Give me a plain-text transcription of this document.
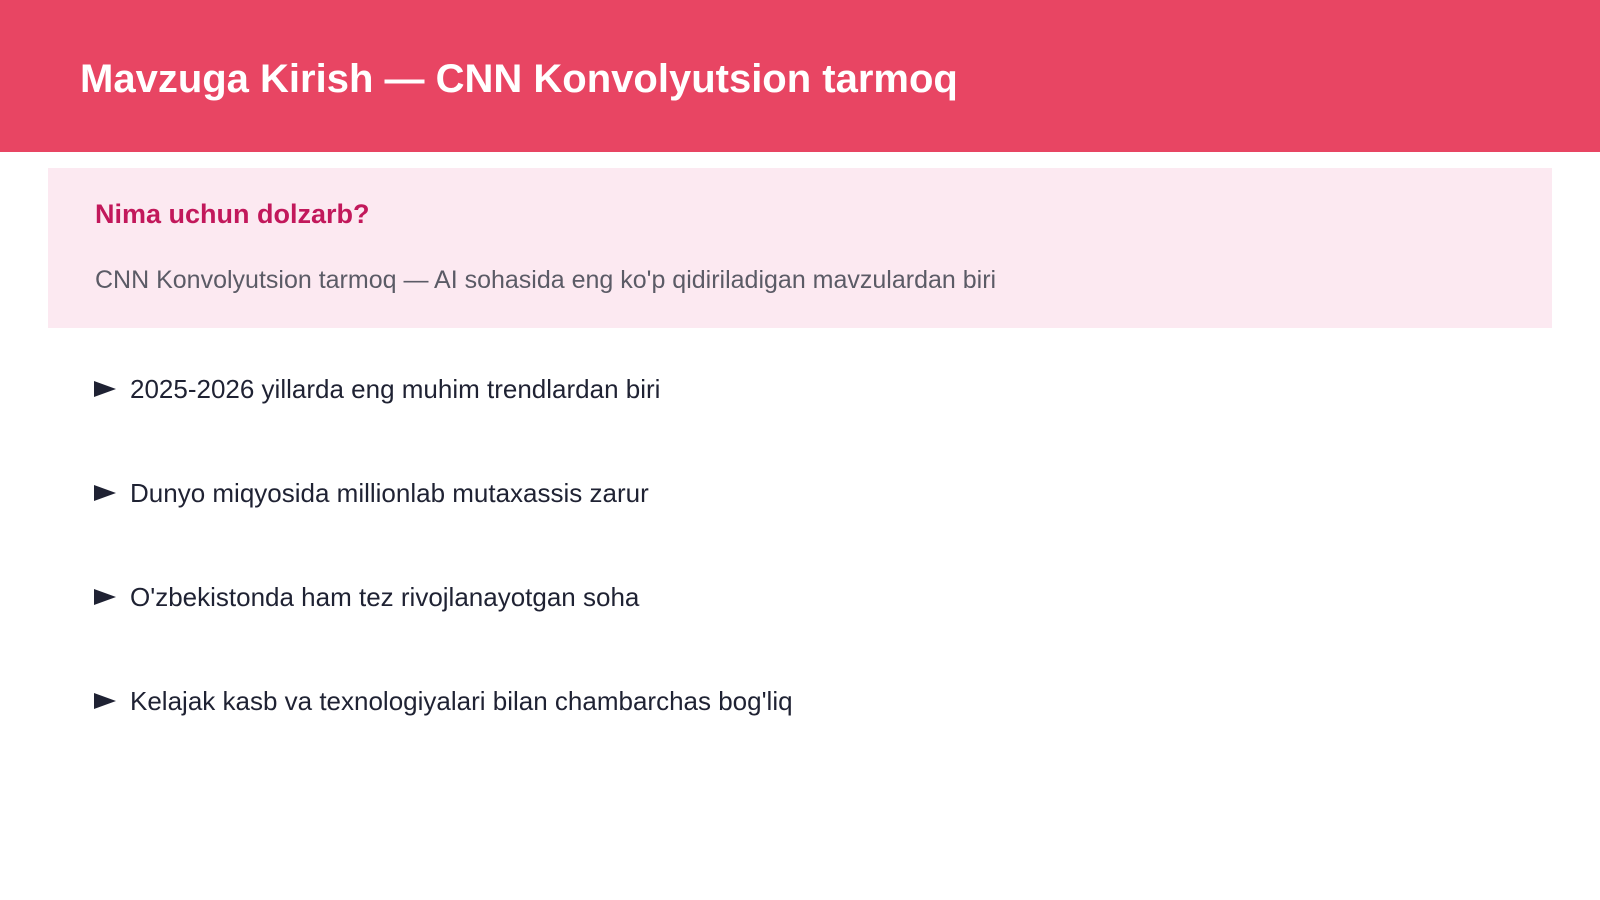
Mavzuga Kirish — CNN Konvolyutsion tarmoq
Nima uchun dolzarb?

CNN Konvolyutsion tarmoq — AI sohasida eng ko'p qidiriladigan mavzulardan biri

2025-2026 yillarda eng muhim trendlardan biri
Dunyo miqyosida millionlab mutaxassis zarur
O'zbekistonda ham tez rivojlanayotgan soha
Kelajak kasb va texnologiyalari bilan chambarchas bog'liq
